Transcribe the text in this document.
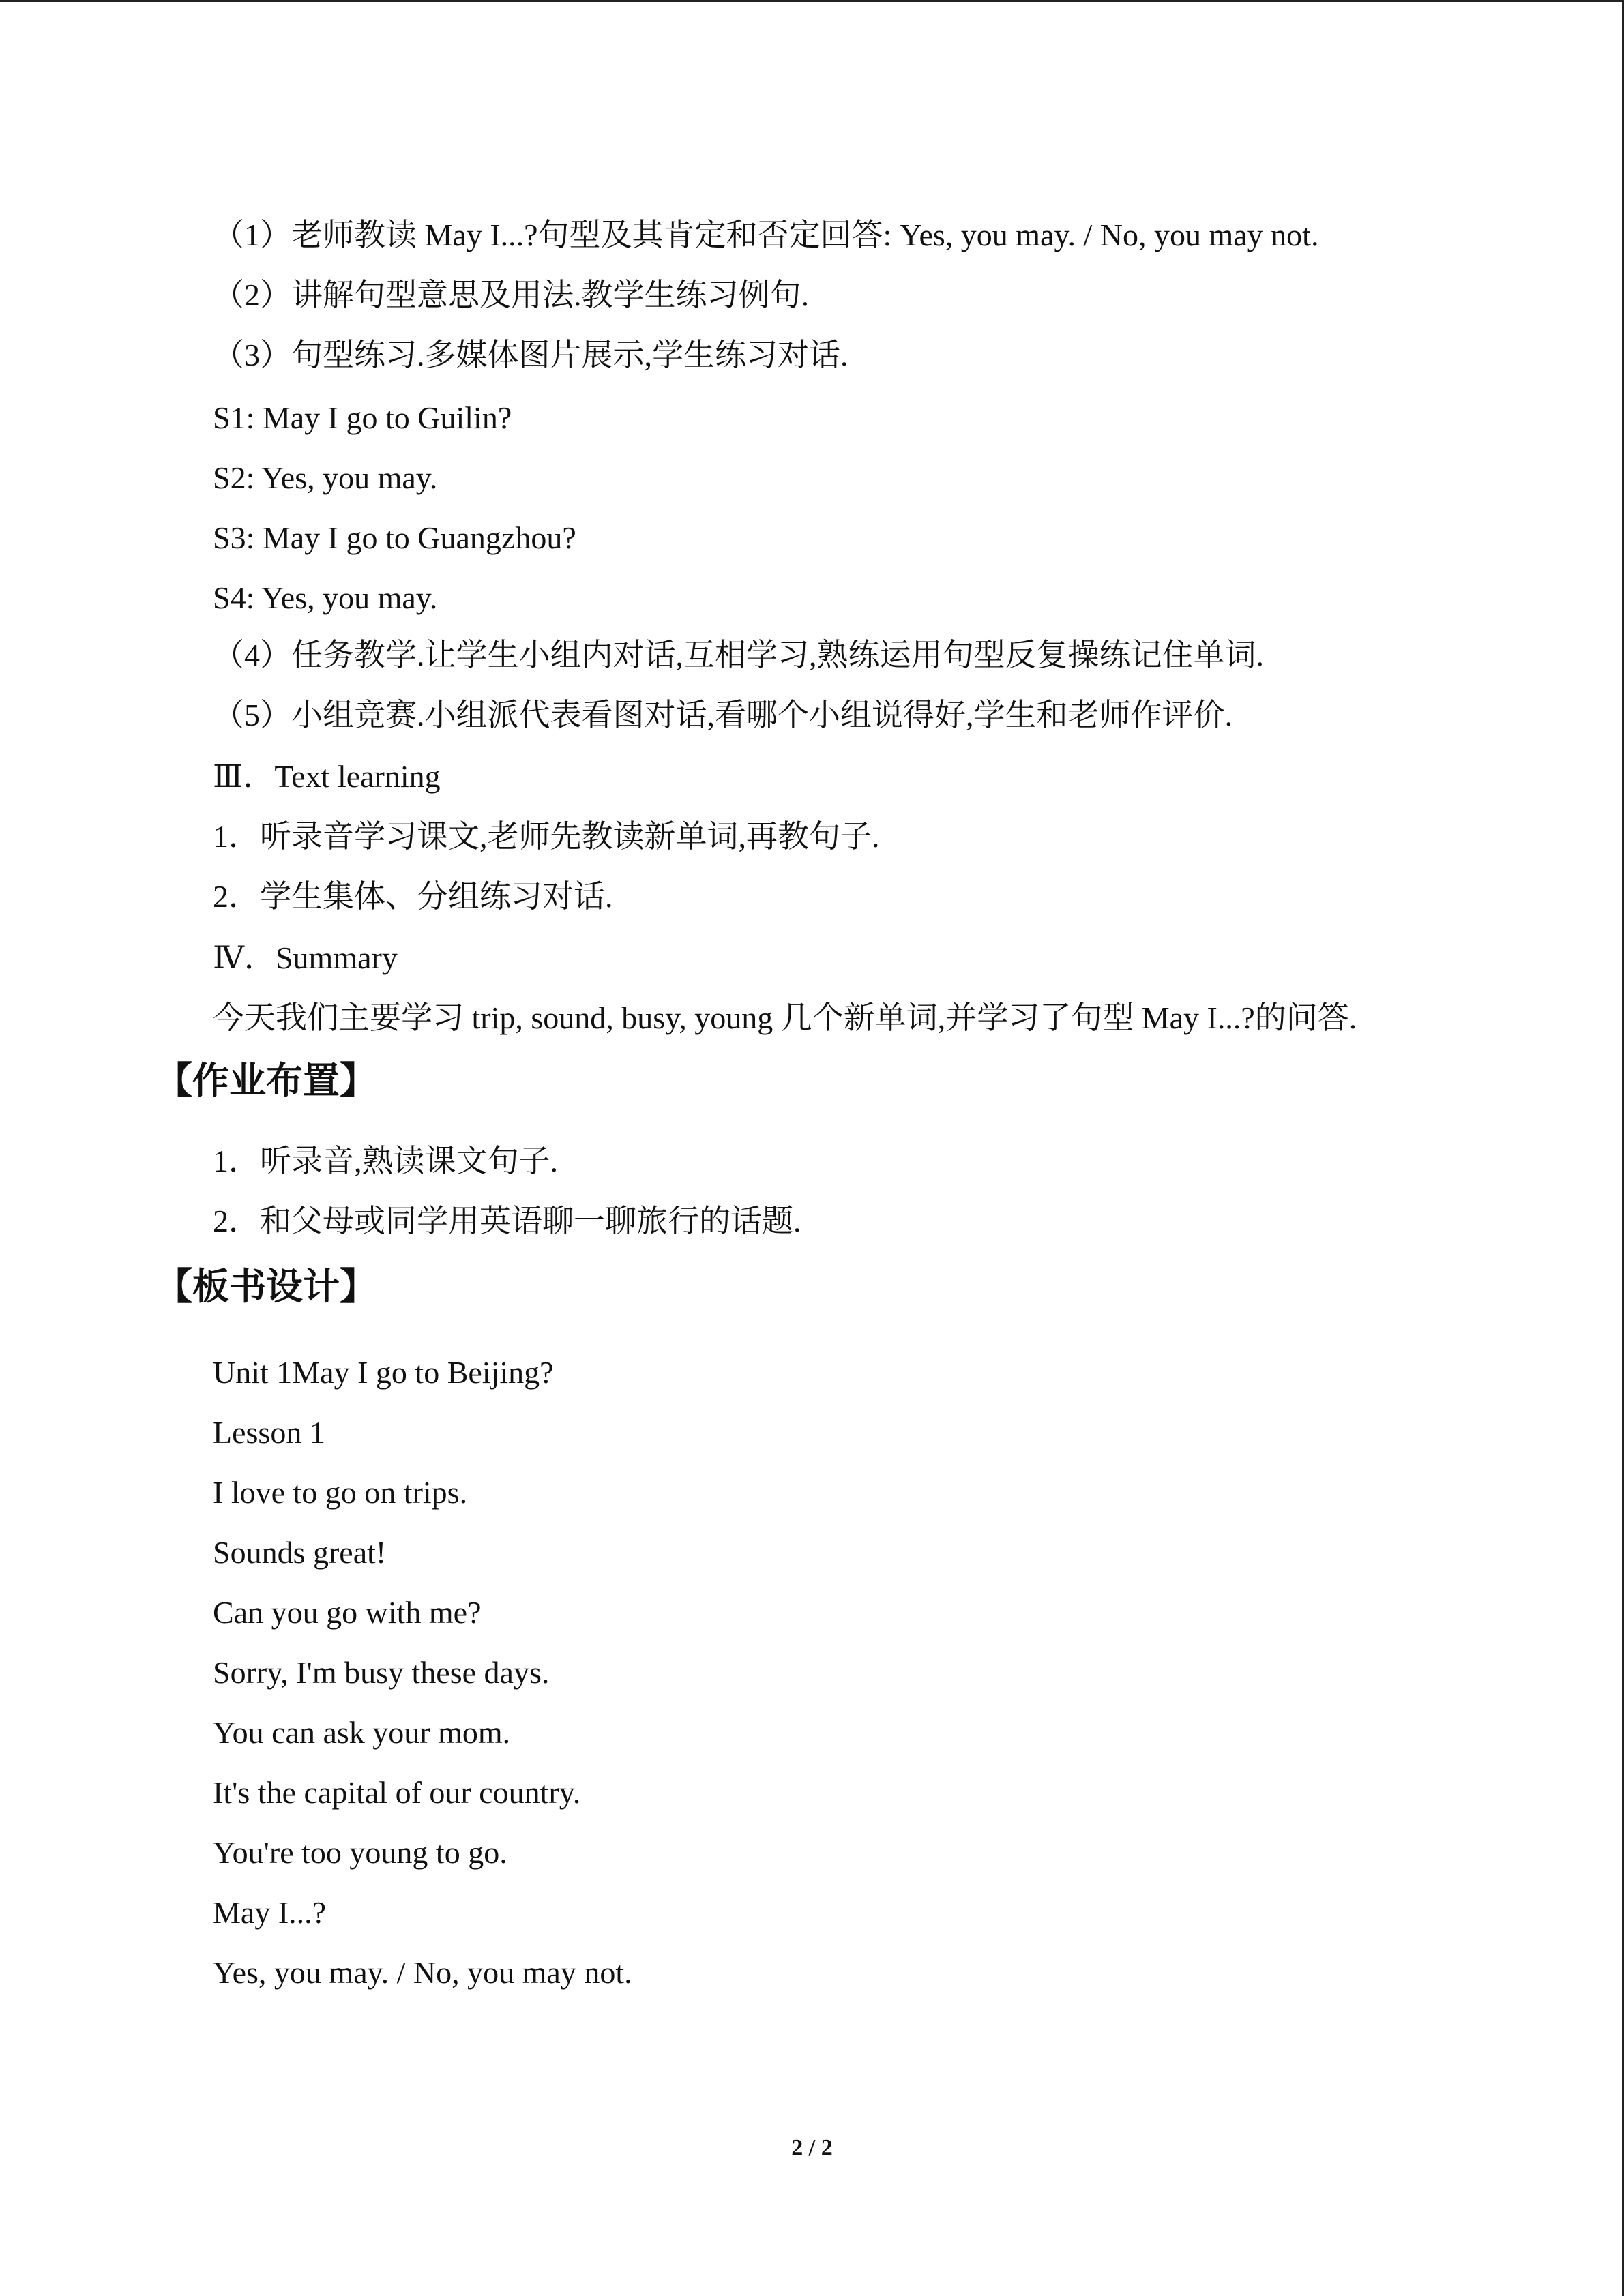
（1）老师教读 May I...?句型及其肯定和否定回答: Yes, you may. / No, you may not.
（2）讲解句型意思及用法.教学生练习例句.
（3）句型练习.多媒体图片展示,学生练习对话.
S1: May I go to Guilin?
S2: Yes, you may.
S3: May I go to Guangzhou?
S4: Yes, you may.
（4）任务教学.让学生小组内对话,互相学习,熟练运用句型反复操练记住单词.
（5）小组竞赛.小组派代表看图对话,看哪个小组说得好,学生和老师作评价.
Ⅲ．Text learning
1．听录音学习课文,老师先教读新单词,再教句子.
2．学生集体、分组练习对话.
Ⅳ．Summary
今天我们主要学习 trip, sound, busy, young 几个新单词,并学习了句型 May I...?的问答.
【作业布置】
1．听录音,熟读课文句子.
2．和父母或同学用英语聊一聊旅行的话题.
【板书设计】
Unit 1May I go to Beijing?
Lesson 1
I love to go on trips.
Sounds great!
Can you go with me?
Sorry, I'm busy these days.
You can ask your mom.
It's the capital of our country.
You're too young to go.
May I...?
Yes, you may. / No, you may not.
2 / 2
